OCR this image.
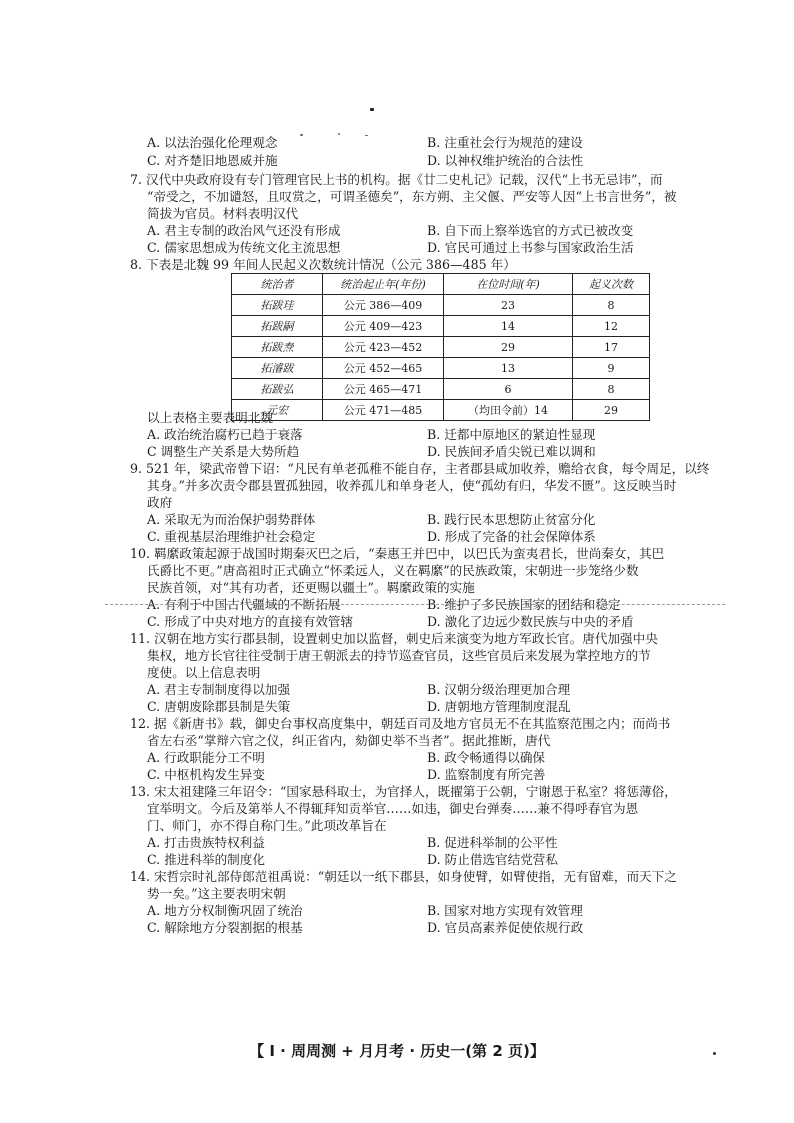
A. 以法治强化伦理观念	B. 注重社会行为规范的建设
C. 对齐楚旧地恩威并施	D. 以神权维护统治的合法性
7. 汉代中央政府设有专门管理官民上书的机构。据《廿二史札记》记载，汉代“上书无忌讳”，而
“帝受之，不加谴怒，且叹赏之，可谓圣德矣”，东方朔、主父偃、严安等人因“上书言世务”，被
简拔为官员。材料表明汉代
A. 君主专制的政治风气还没有形成	B. 自下而上察举选官的方式已被改变
C. 儒家思想成为传统文化主流思想	D. 官民可通过上书参与国家政治生活
8. 下表是北魏 99 年间人民起义次数统计情况（公元 386—485 年）
统治者	统治起止年(年份)	在位时间(年)	起义次数
拓跋珪	公元 386—409	23	8
拓跋嗣	公元 409—423	14	12
拓跋焘	公元 423—452	29	17
拓濬跋	公元 452—465	13	9
拓跋弘	公元 465—471	6	8
元宏	公元 471—485	（均田令前）14	29
以上表格主要表明北魏
A. 政治统治腐朽已趋于衰落	B. 迁都中原地区的紧迫性显现
C 调整生产关系是大势所趋	D. 民族间矛盾尖锐已难以调和
9. 521 年，梁武帝曾下诏：“凡民有单老孤稚不能自存，主者郡县咸加收养，赡给衣食，每令周足，以终
其身。”并多次责令郡县置孤独园，收养孤儿和单身老人，使“孤幼有归，华发不匮”。这反映当时
政府
A. 采取无为而治保护弱势群体	B. 践行民本思想防止贫富分化
C. 重视基层治理维护社会稳定	D. 形成了完备的社会保障体系
10. 羁縻政策起源于战国时期秦灭巴之后，“秦惠王并巴中，以巴氏为蛮夷君长，世尚秦女，其巴
氏爵比不更。”唐高祖时正式确立“怀柔远人，义在羁縻”的民族政策，宋朝进一步笼络少数
民族首领，对“其有功者，还更赐以疆土”。羁縻政策的实施
A. 有利于中国古代疆域的不断拓展	B. 维护了多民族国家的团结和稳定
C. 形成了中央对地方的直接有效管辖	D. 激化了边远少数民族与中央的矛盾
11. 汉朝在地方实行郡县制，设置刺史加以监督，刺史后来演变为地方军政长官。唐代加强中央
集权，地方长官往往受制于唐王朝派去的持节巡查官员，这些官员后来发展为掌控地方的节
度使。以上信息表明
A. 君主专制制度得以加强	B. 汉朝分级治理更加合理
C. 唐朝废除郡县制是失策	D. 唐朝地方管理制度混乱
12. 据《新唐书》载，御史台事权高度集中，朝廷百司及地方官员无不在其监察范围之内；而尚书
省左右丞“掌辩六官之仪，纠正省内，劾御史举不当者”。据此推断，唐代
A. 行政职能分工不明	B. 政令畅通得以确保
C. 中枢机构发生异变	D. 监察制度有所完善
13. 宋太祖建隆三年诏令：“国家悬科取士，为官择人，既擢第于公朝，宁谢恩于私室？将惩薄俗，
宜举明文。今后及第举人不得辄拜知贡举官……如违，御史台弹奏……兼不得呼春官为恩
门、师门，亦不得自称门生。”此项改革旨在
A. 打击贵族特权利益	B. 促进科举制的公平性
C. 推进科举的制度化	D. 防止借选官结党营私
14. 宋哲宗时礼部侍郎范祖禹说：“朝廷以一纸下郡县，如身使臂，如臂使指，无有留难，而天下之
势一矣。”这主要表明宋朝
A. 地方分权制衡巩固了统治	B. 国家对地方实现有效管理
C. 解除地方分裂割据的根基	D. 官员高素养促使依规行政
【 I · 周周测 + 月月考 · 历史一(第 2 页)】
